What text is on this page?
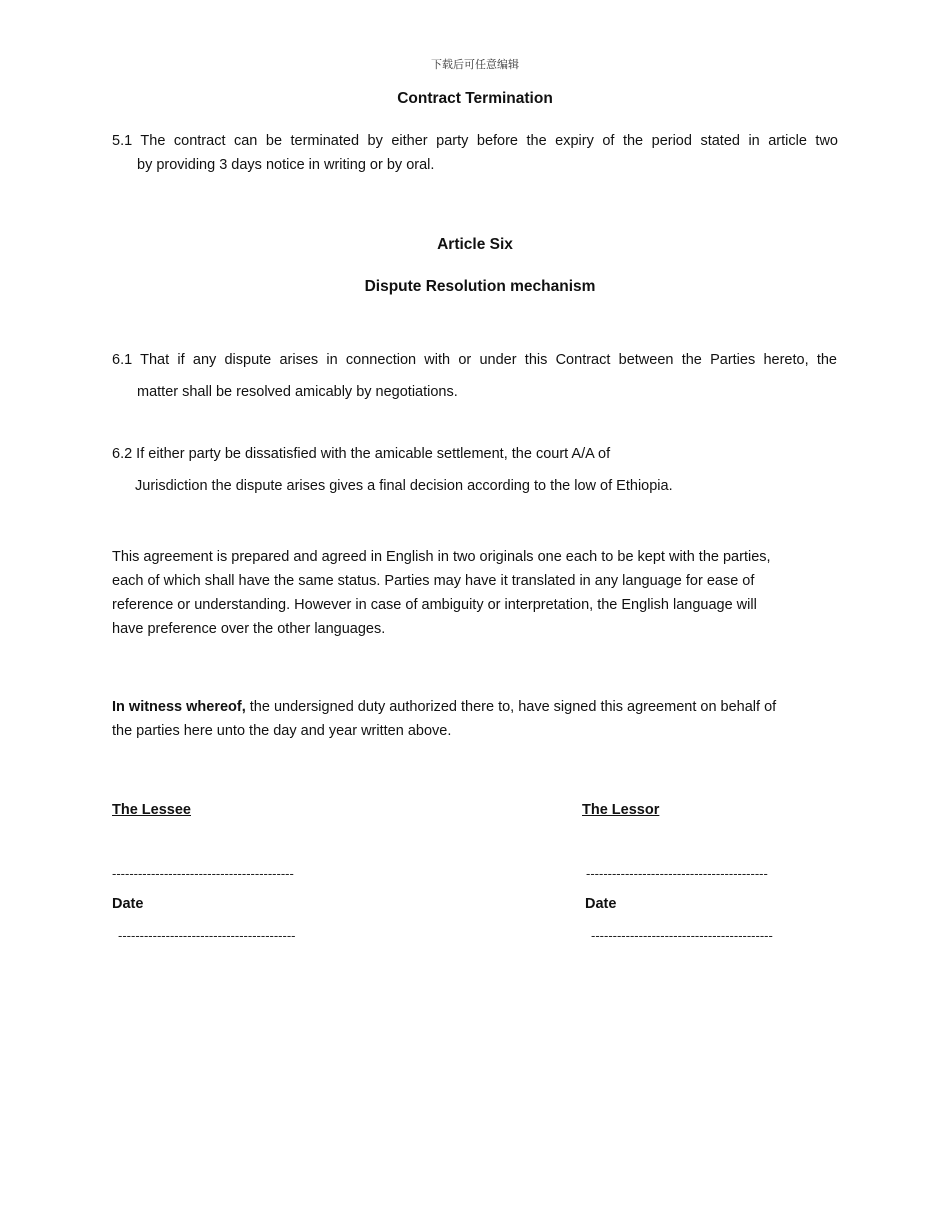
下载后可任意编辑
Contract Termination
5.1 The contract can be terminated by either party before the expiry of the period stated in article two
by providing 3 days notice in writing or by oral.
Article Six
Dispute Resolution mechanism
6.1 That if any dispute arises in connection with or under this Contract between the Parties hereto, the
matter shall be resolved amicably by negotiations.
6.2 If either party be dissatisfied with the amicable settlement, the court A/A of
Jurisdiction the dispute arises gives a final decision according to the low of Ethiopia.
This agreement is prepared and agreed in English in two originals one each to be kept with the parties,
each of which shall have the same status. Parties may have it translated in any language for ease of
reference or understanding. However in case of ambiguity or interpretation, the English language will
have preference over the other languages.
In witness whereof, the undersigned duty authorized there to, have signed this agreement on behalf of
the parties here unto the day and year written above.
The Lessee	The Lessor
------------------------------------------	------------------------------------------
Date	Date
-----------------------------------------	------------------------------------------
